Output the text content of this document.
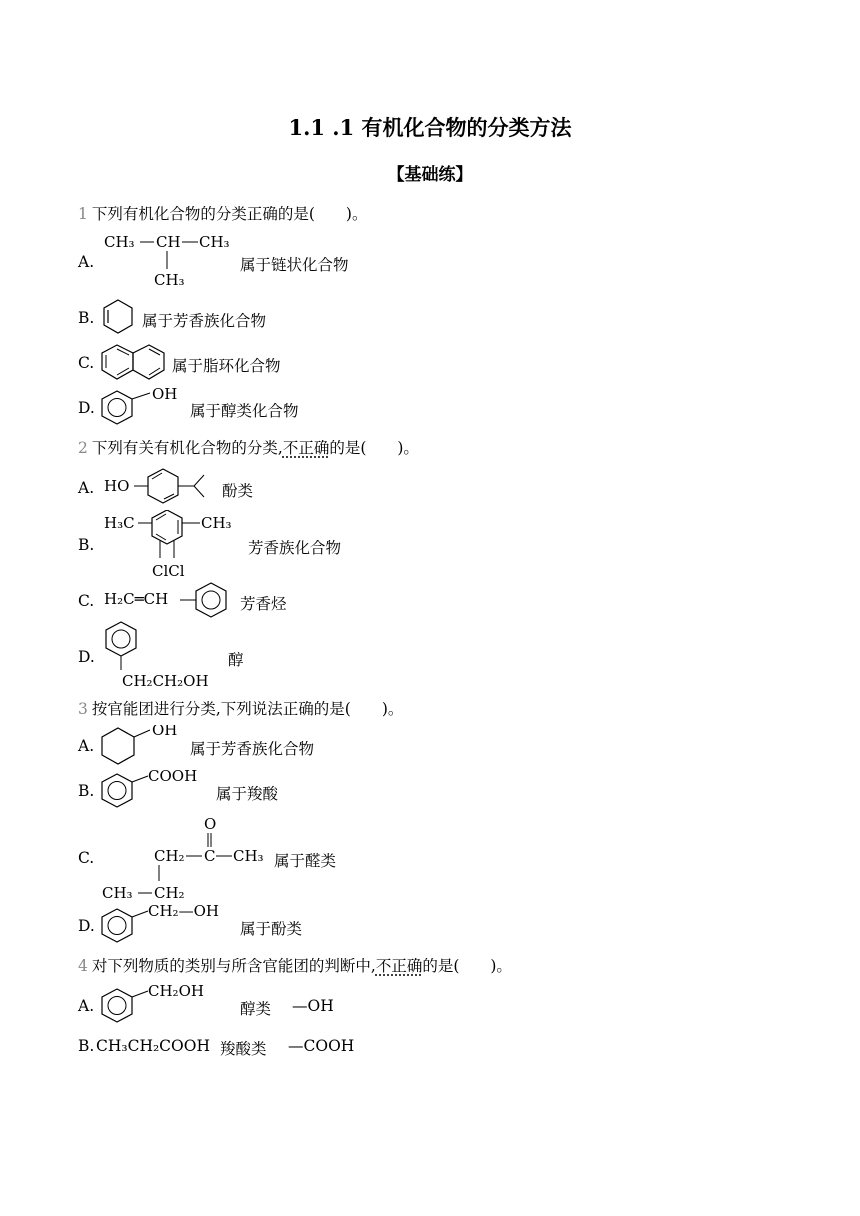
1.1 .1 有机化合物的分类方法
【基础练】
1 下列有机化合物的分类正确的是(　　)。
A.
CH₃ CH CH₃
CH₃
属于链状化合物
B.	属于芳香族化合物
C.	属于脂环化合物
D.
OH
属于醇类化合物
2 下列有关有机化合物的分类,不正确的是(　　)。
A. HO	酚类
B.
H₃C	CH₃
ClCl
芳香族化合物
C. H₂C═CH	芳香烃
D.
CH₂CH₂OH
醇
3 按官能团进行分类,下列说法正确的是(　　)。
A.
OH
属于芳香族化合物
B.
COOH
属于羧酸
C.
O
CH₂ C CH₃
CH₃ CH₂
属于醛类
D.
CH₂—OH
属于酚类
4 对下列物质的类别与所含官能团的判断中,不正确的是(　　)。
A.
CH₂OH
醇类 —OH
B. CH₃CH₂COOH 羧酸类 —COOH
